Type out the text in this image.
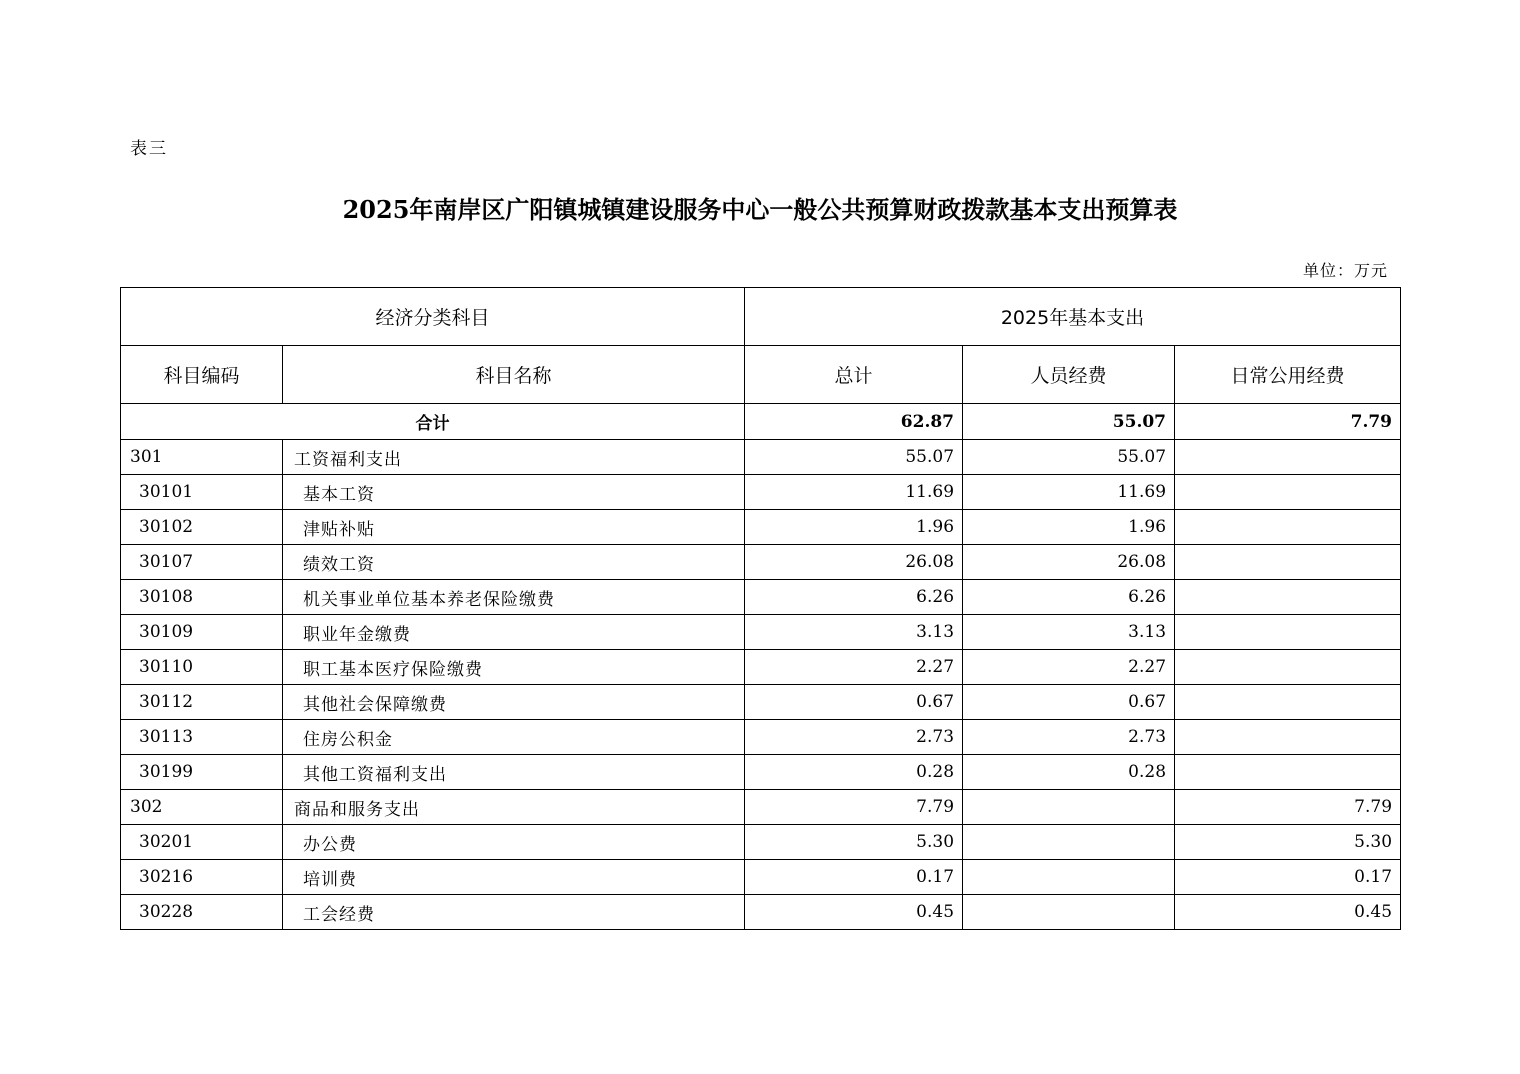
表三
2025年南岸区广阳镇城镇建设服务中心一般公共预算财政拨款基本支出预算表
单位：万元
经济分类科目		2025年基本支出		
科目编码	科目名称	总计	人员经费	日常公用经费
合计		62.87	55.07	7.79
301	工资福利支出	55.07	55.07	
30101	基本工资	11.69	11.69	
30102	津贴补贴	1.96	1.96	
30107	绩效工资	26.08	26.08	
30108	机关事业单位基本养老保险缴费	6.26	6.26	
30109	职业年金缴费	3.13	3.13	
30110	职工基本医疗保险缴费	2.27	2.27	
30112	其他社会保障缴费	0.67	0.67	
30113	住房公积金	2.73	2.73	
30199	其他工资福利支出	0.28	0.28	
302	商品和服务支出	7.79		7.79
30201	办公费	5.30		5.30
30216	培训费	0.17		0.17
30228	工会经费	0.45		0.45
